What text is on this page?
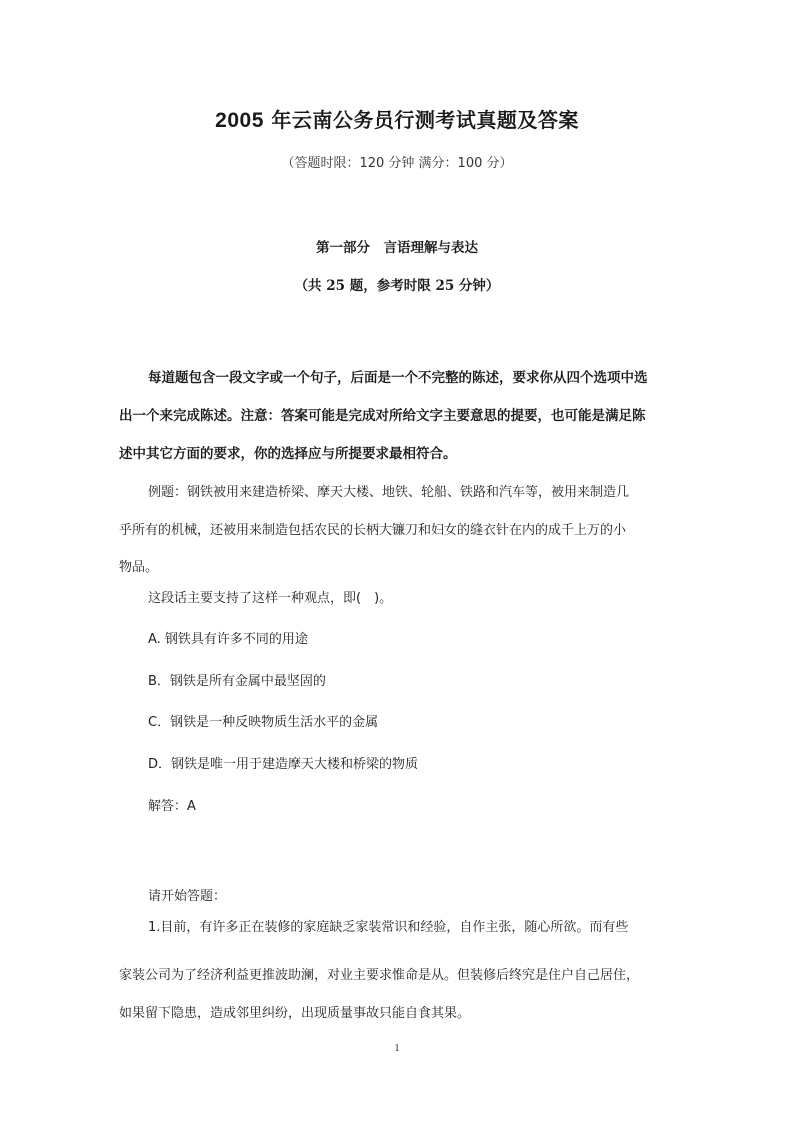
2005 年云南公务员行测考试真题及答案
（答题时限：120 分钟 满分：100 分）
第一部分　言语理解与表达
（共 25 题，参考时限 25 分钟）
每道题包含一段文字或一个句子，后面是一个不完整的陈述，要求你从四个选项中选
出一个来完成陈述。注意：答案可能是完成对所给文字主要意思的提要，也可能是满足陈
述中其它方面的要求，你的选择应与所提要求最相符合。
例题：钢铁被用来建造桥梁、摩天大楼、地铁、轮船、铁路和汽车等，被用来制造几
乎所有的机械，还被用来制造包括农民的长柄大镰刀和妇女的缝衣针在内的成千上万的小
物品。
这段话主要支持了这样一种观点，即(　)。
A. 钢铁具有许多不同的用途
B．钢铁是所有金属中最坚固的
C．钢铁是一种反映物质生活水平的金属
D．钢铁是唯一用于建造摩天大楼和桥梁的物质
解答：A
请开始答题：
1.目前，有许多正在装修的家庭缺乏家装常识和经验，自作主张，随心所欲。而有些
家装公司为了经济利益更推波助澜，对业主要求惟命是从。但装修后终究是住户自己居住，
如果留下隐患，造成邻里纠纷，出现质量事故只能自食其果。
1
